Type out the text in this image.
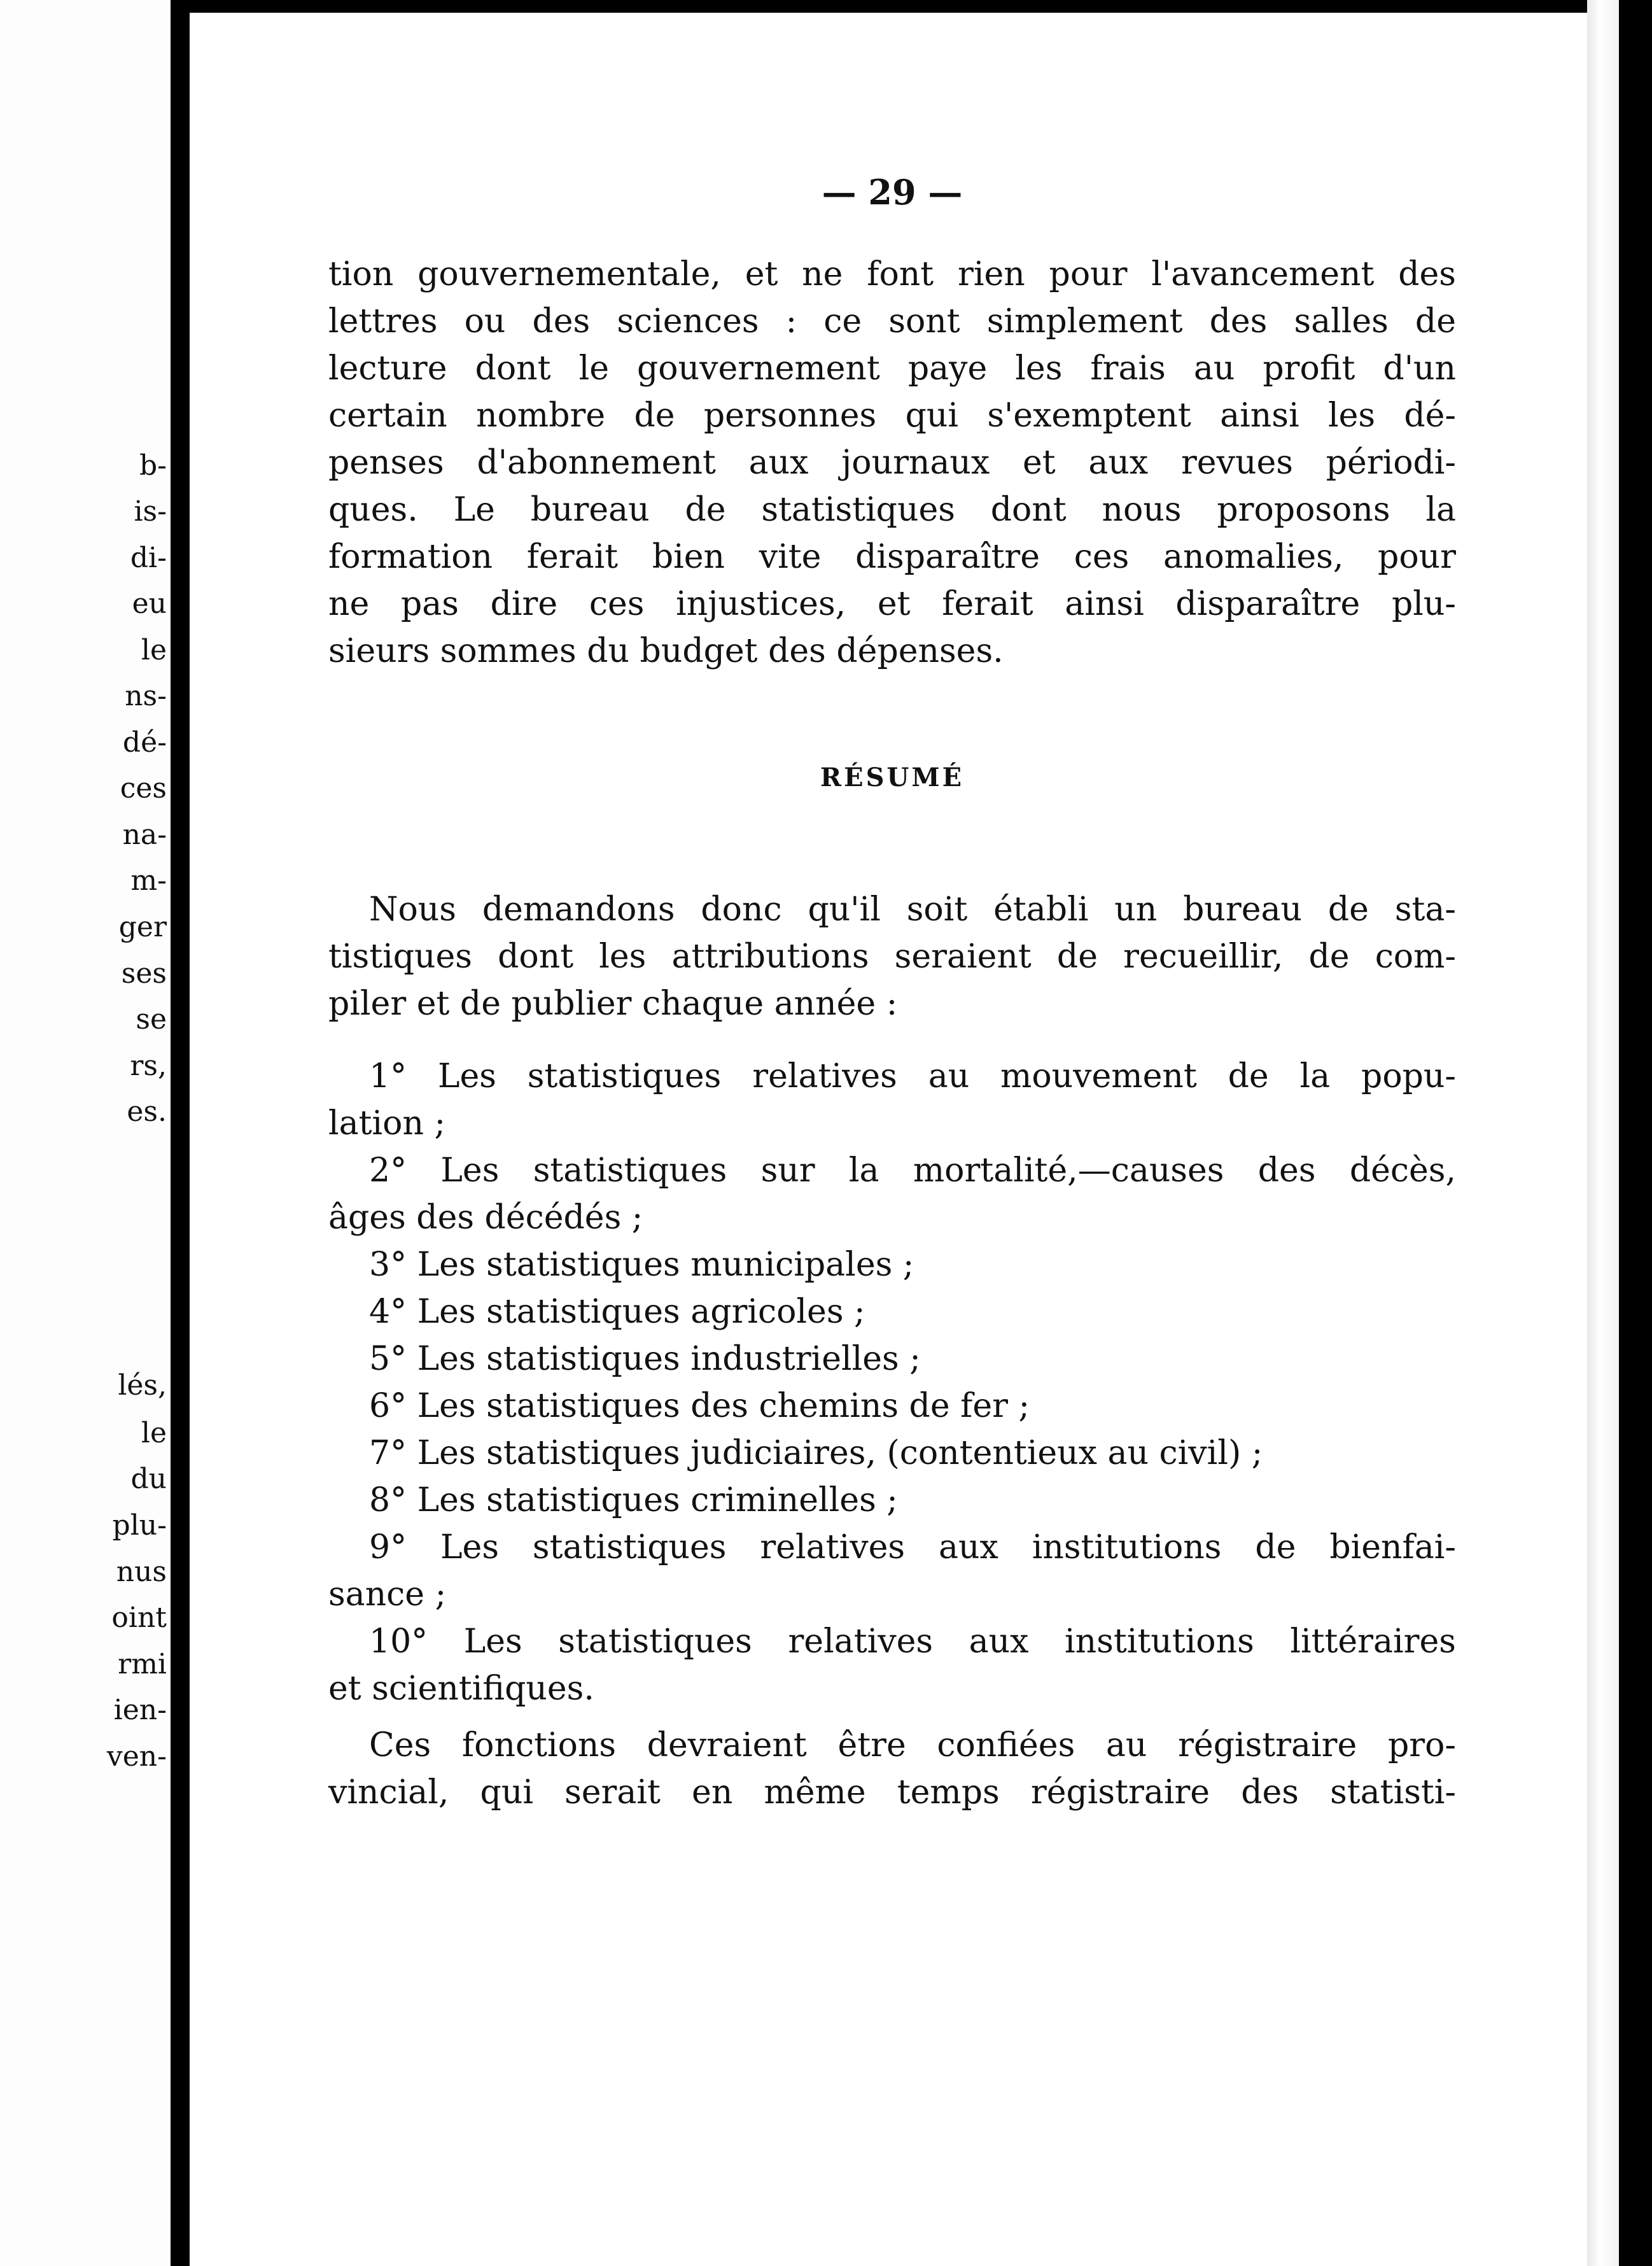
b-
is-
di-
eu
le
ns-
dé-
ces
na-
m-
ger
ses
se
rs,
es.
lés,
le
du
plu-
nus
oint
rmi
ien-
ven-
— 29 —
tion gouvernementale, et ne font rien pour l'avancement des
lettres ou des sciences : ce sont simplement des salles de
lecture dont le gouvernement paye les frais au profit d'un
certain nombre de personnes qui s'exemptent ainsi les dé-
penses d'abonnement aux journaux et aux revues périodi-
ques. Le bureau de statistiques dont nous proposons la
formation ferait bien vite disparaître ces anomalies, pour
ne pas dire ces injustices, et ferait ainsi disparaître plu-
sieurs sommes du budget des dépenses.
RÉSUMÉ
Nous demandons donc qu'il soit établi un bureau de sta-
tistiques dont les attributions seraient de recueillir, de com-
piler et de publier chaque année :
1° Les statistiques relatives au mouvement de la popu-
lation ;
2° Les statistiques sur la mortalité,—causes des décès,
âges des décédés ;
3° Les statistiques municipales ;
4° Les statistiques agricoles ;
5° Les statistiques industrielles ;
6° Les statistiques des chemins de fer ;
7° Les statistiques judiciaires, (contentieux au civil) ;
8° Les statistiques criminelles ;
9° Les statistiques relatives aux institutions de bienfai-
sance ;
10° Les statistiques relatives aux institutions littéraires
et scientifiques.
Ces fonctions devraient être confiées au régistraire pro-
vincial, qui serait en même temps régistraire des statisti-
